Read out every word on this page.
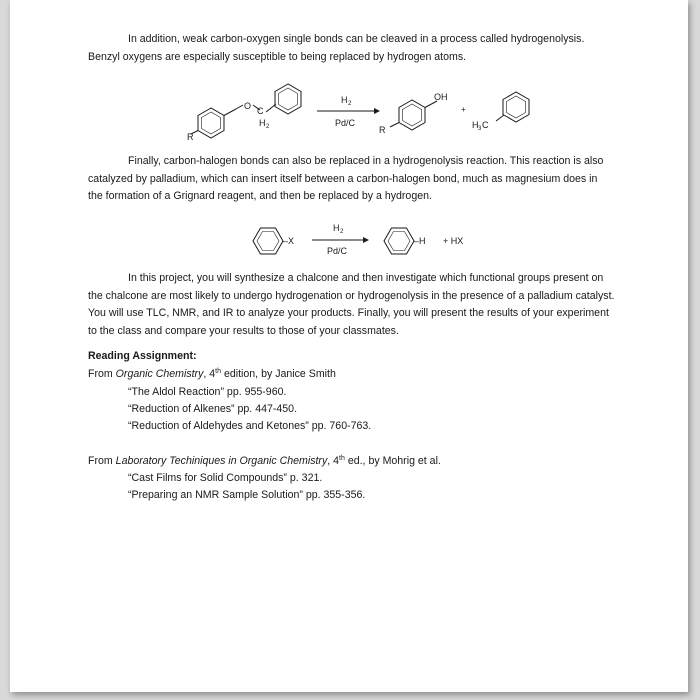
In addition, weak carbon-oxygen single bonds can be cleaved in a process called hydrogenolysis. Benzyl oxygens are especially susceptible to being replaced by hydrogen atoms.

R
O C
H 2
H 2
Pd/C
R
OH
+
H 3 C

Finally, carbon-halogen bonds can also be replaced in a hydrogenolysis reaction. This reaction is also catalyzed by palladium, which can insert itself between a carbon-halogen bond, much as magnesium does in the formation of a Grignard reagent, and then be replaced by a hydrogen.

–X
H 2
Pd/C
–H + HX

In this project, you will synthesize a chalcone and then investigate which functional groups present on the chalcone are most likely to undergo hydrogenation or hydrogenolysis in the presence of a palladium catalyst. You will use TLC, NMR, and IR to analyze your products. Finally, you will present the results of your experiment to the class and compare your results to those of your classmates.

Reading Assignment:
From Organic Chemistry, 4th edition, by Janice Smith
“The Aldol Reaction” pp. 955-960.
“Reduction of Alkenes” pp. 447-450.
“Reduction of Aldehydes and Ketones” pp. 760-763.
From Laboratory Techiniques in Organic Chemistry, 4th ed., by Mohrig et al.
“Cast Films for Solid Compounds” p. 321.
“Preparing an NMR Sample Solution” pp. 355-356.
